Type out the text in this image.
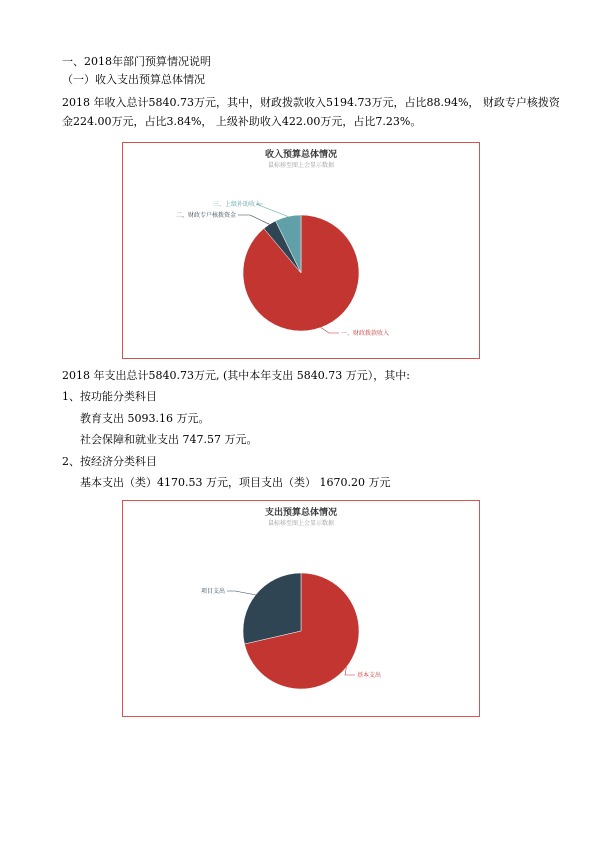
一、2018年部门预算情况说明
（一）收入支出预算总体情况
2018 年收入总计5840.73万元，其中，财政拨款收入5194.73万元，占比88.94%， 财政专户核拨资
金224.00万元，占比3.84%， 上级补助收入422.00万元，占比7.23%。
收入预算总体情况
鼠标移至图上会显示数据
一、财政拨款收入
二、财政专户核拨资金
三、上级补助收入
2018 年支出总计5840.73万元, (其中本年支出 5840.73 万元），其中:
1、按功能分类科目
教育支出 5093.16 万元。
社会保障和就业支出 747.57 万元。
2、按经济分类科目
基本支出（类）4170.53 万元，项目支出（类） 1670.20 万元
支出预算总体情况
鼠标移至图上会显示数据
基本支出
项目支出
